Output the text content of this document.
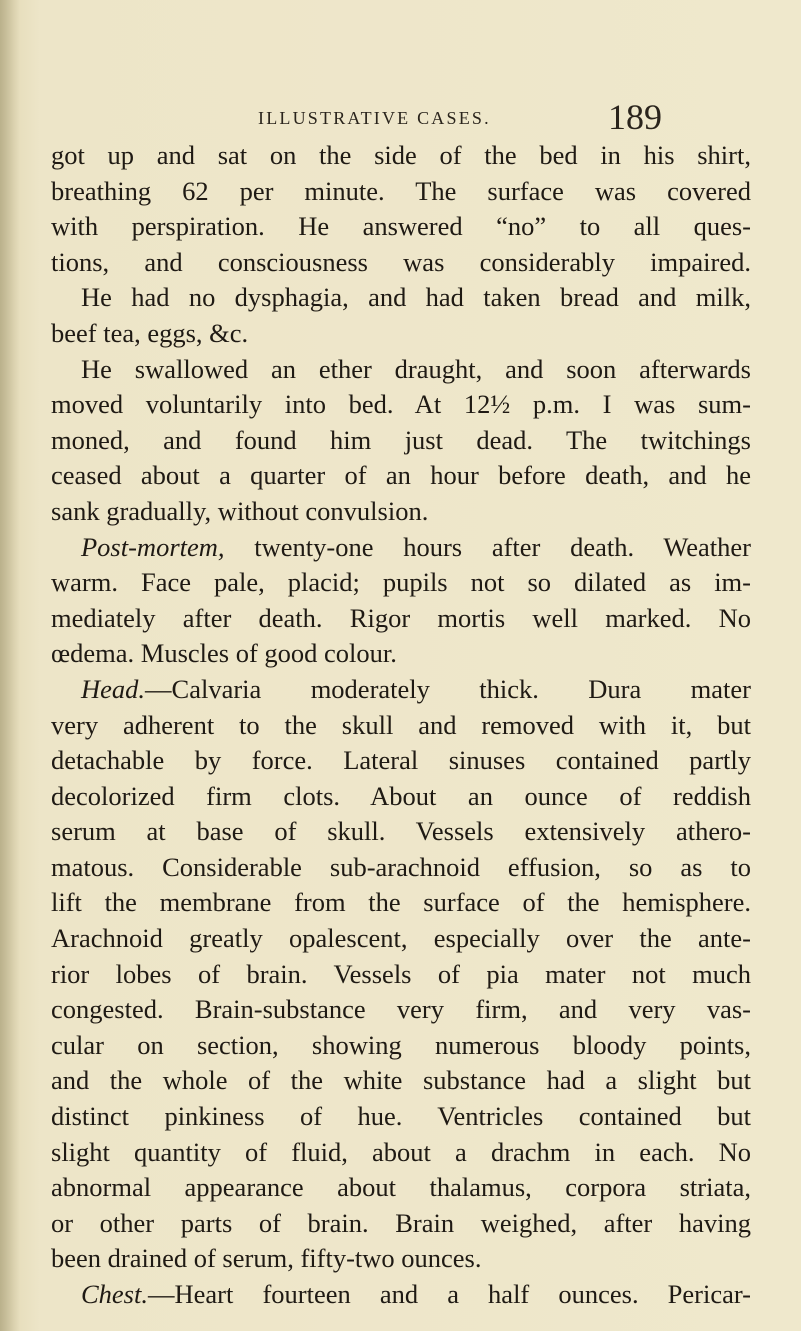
ILLUSTRATIVE CASES.	189
got up and sat on the side of the bed in his shirt,
breathing 62 per minute. The surface was covered
with perspiration. He answered “no” to all ques-
tions, and consciousness was considerably impaired.
He had no dysphagia, and had taken bread and milk,
beef tea, eggs, &c.
He swallowed an ether draught, and soon afterwards
moved voluntarily into bed. At 12½ p.m. I was sum-
moned, and found him just dead. The twitchings
ceased about a quarter of an hour before death, and he
sank gradually, without convulsion.
Post-mortem, twenty-one hours after death. Weather
warm. Face pale, placid; pupils not so dilated as im-
mediately after death. Rigor mortis well marked. No
œdema. Muscles of good colour.
Head.—Calvaria moderately thick. Dura mater
very adherent to the skull and removed with it, but
detachable by force. Lateral sinuses contained partly
decolorized firm clots. About an ounce of reddish
serum at base of skull. Vessels extensively athero-
matous. Considerable sub-arachnoid effusion, so as to
lift the membrane from the surface of the hemisphere.
Arachnoid greatly opalescent, especially over the ante-
rior lobes of brain. Vessels of pia mater not much
congested. Brain-substance very firm, and very vas-
cular on section, showing numerous bloody points,
and the whole of the white substance had a slight but
distinct pinkiness of hue. Ventricles contained but
slight quantity of fluid, about a drachm in each. No
abnormal appearance about thalamus, corpora striata,
or other parts of brain. Brain weighed, after having
been drained of serum, fifty-two ounces.
Chest.—Heart fourteen and a half ounces. Pericar-
